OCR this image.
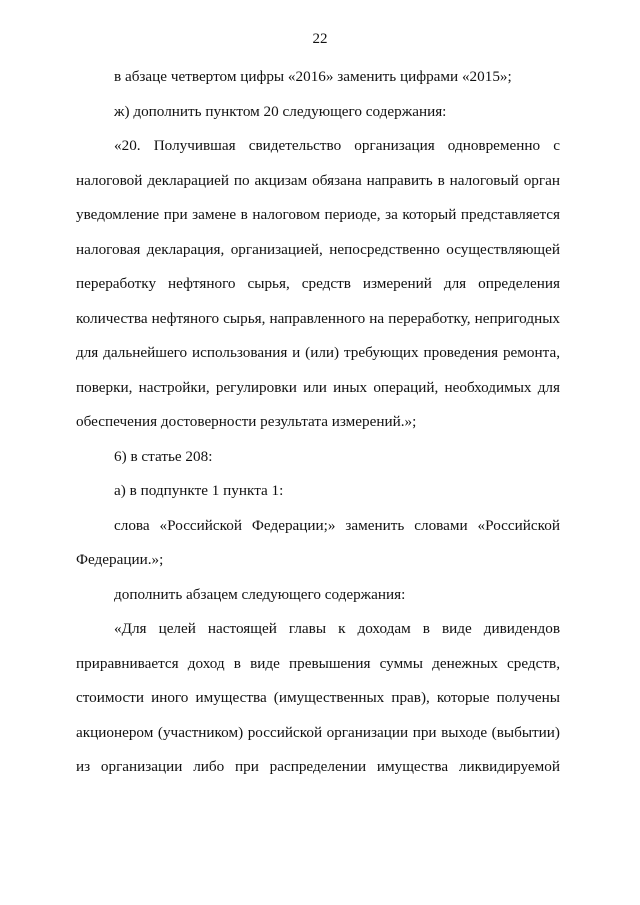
22
в абзаце четвертом цифры «2016» заменить цифрами «2015»;
ж) дополнить пунктом 20 следующего содержания:
«20. Получившая свидетельство организация одновременно с
налоговой декларацией по акцизам обязана направить в налоговый орган
уведомление при замене в налоговом периоде, за который представляется
налоговая декларация, организацией, непосредственно осуществляющей
переработку нефтяного сырья, средств измерений для определения
количества нефтяного сырья, направленного на переработку, непригодных
для дальнейшего использования и (или) требующих проведения ремонта,
поверки, настройки, регулировки или иных операций, необходимых для
обеспечения достоверности результата измерений.»;
6) в статье 208:
а) в подпункте 1 пункта 1:
слова «Российской Федерации;» заменить словами «Российской
Федерации.»;
дополнить абзацем следующего содержания:
«Для целей настоящей главы к доходам в виде дивидендов
приравнивается доход в виде превышения суммы денежных средств,
стоимости иного имущества (имущественных прав), которые получены
акционером (участником) российской организации при выходе (выбытии)
из организации либо при распределении имущества ликвидируемой
